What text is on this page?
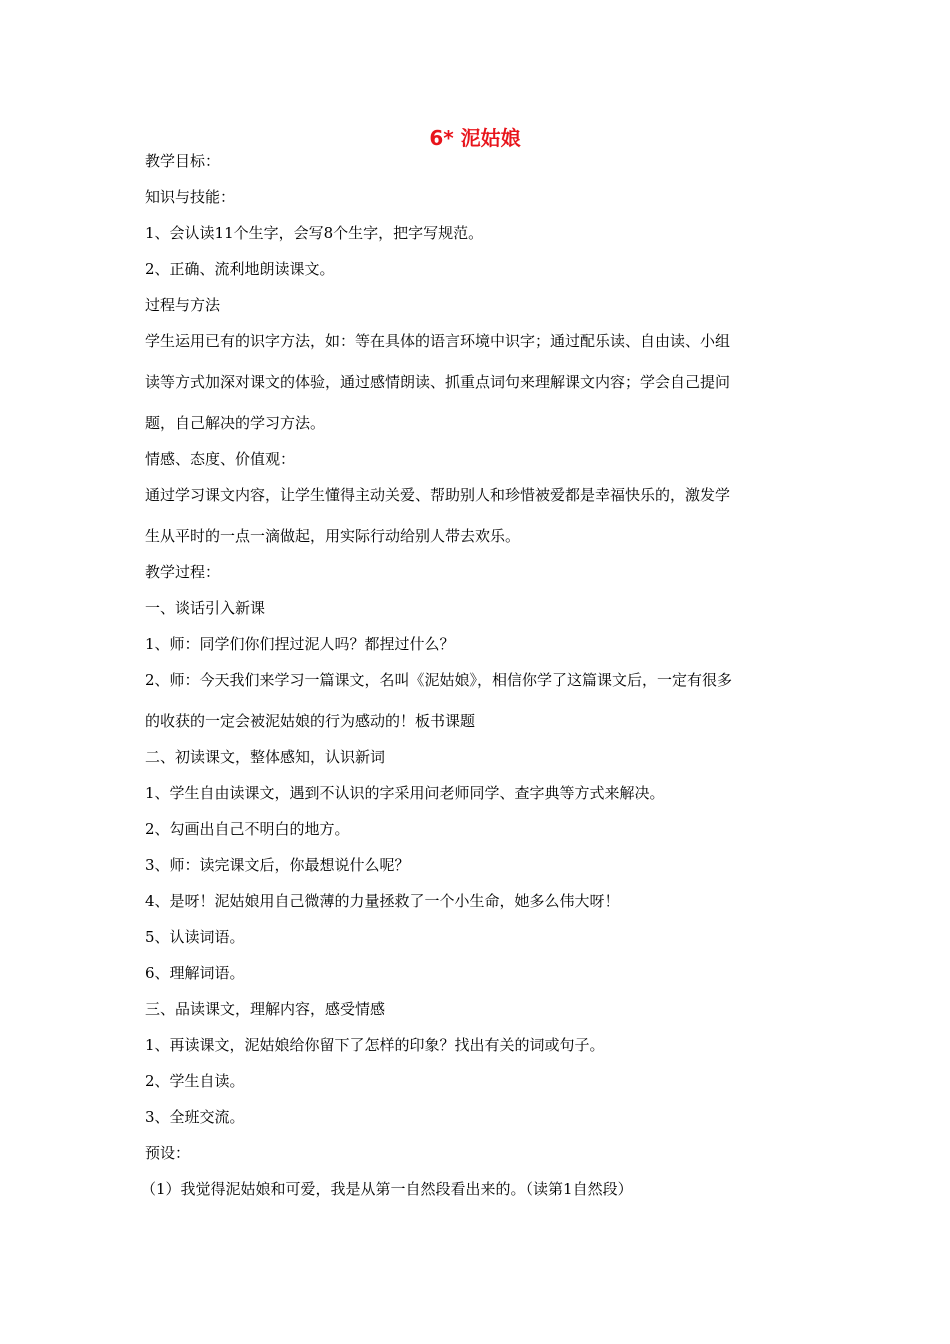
6* 泥姑娘

教学目标：

知识与技能：

1、会认读11个生字，会写8个生字，把字写规范。

2、正确、流利地朗读课文。

过程与方法

学生运用已有的识字方法，如：等在具体的语言环境中识字；通过配乐读、自由读、小组
读等方式加深对课文的体验，通过感情朗读、抓重点词句来理解课文内容；学会自己提问
题，自己解决的学习方法。

情感、态度、价值观：

通过学习课文内容，让学生懂得主动关爱、帮助别人和珍惜被爱都是幸福快乐的，激发学
生从平时的一点一滴做起，用实际行动给别人带去欢乐。

教学过程：

一、谈话引入新课

1、师：同学们你们捏过泥人吗？都捏过什么？

2、师：今天我们来学习一篇课文，名叫《泥姑娘》，相信你学了这篇课文后，一定有很多
的收获的一定会被泥姑娘的行为感动的！板书课题

二、初读课文，整体感知，认识新词

1、学生自由读课文，遇到不认识的字采用问老师同学、查字典等方式来解决。

2、勾画出自己不明白的地方。

3、师：读完课文后，你最想说什么呢？

4、是呀！泥姑娘用自己微薄的力量拯救了一个小生命，她多么伟大呀！

5、认读词语。

6、理解词语。

三、品读课文，理解内容，感受情感

1、再读课文，泥姑娘给你留下了怎样的印象？找出有关的词或句子。

2、学生自读。

3、全班交流。

预设：

（1）我觉得泥姑娘和可爱，我是从第一自然段看出来的。（读第1自然段）
